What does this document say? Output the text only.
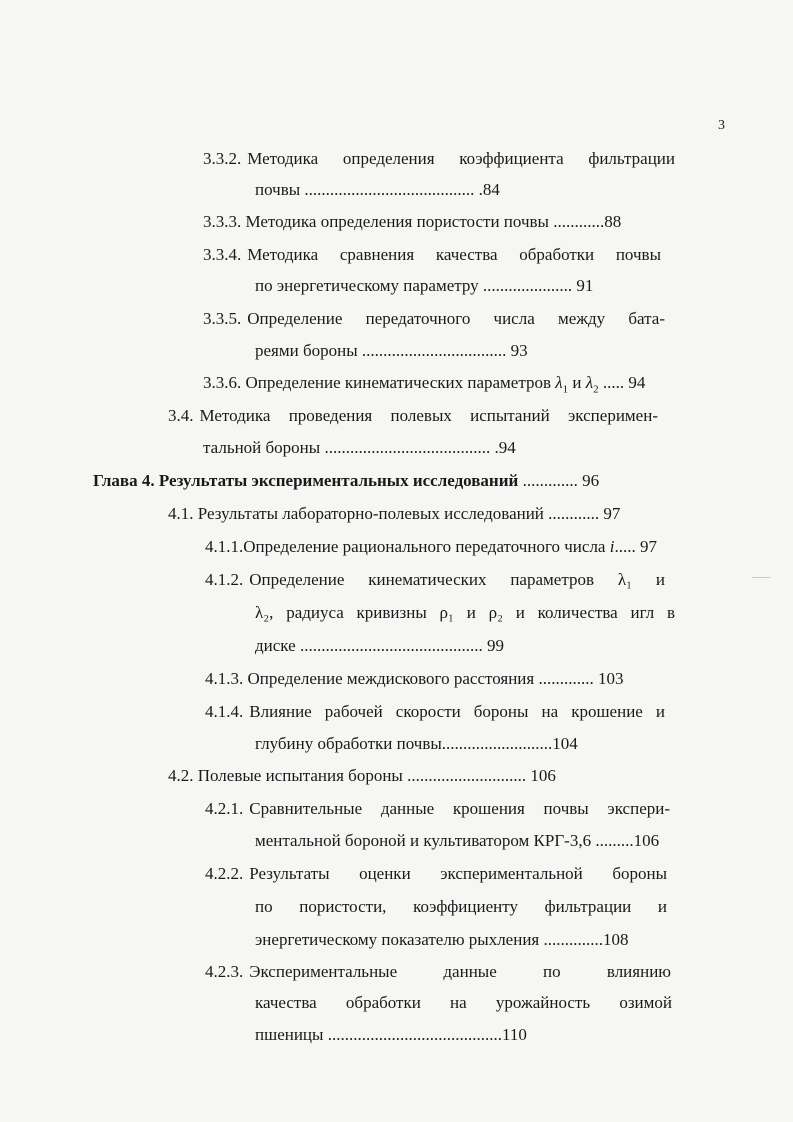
3
3.3.2. Методика определения коэффициента фильтрации
почвы ........................................ .84
3.3.3. Методика определения пористости почвы ............88
3.3.4. Методика сравнения качества обработки почвы
по энергетическому параметру ..................... 91
3.3.5. Определение передаточного числа между бата-
реями бороны .................................. 93
3.3.6. Определение кинематических параметров $\lambda_1$ и $\lambda_2$ ..... 94
3.4. Методика проведения полевых испытаний эксперимен-
тальной бороны ....................................... .94
Глава 4. Результаты экспериментальных исследований ............. 96
4.1. Результаты лабораторно-полевых исследований ............ 97
4.1.1.Определение рационального передаточного числа i..... 97
4.1.2. Определение кинематических параметров λ₁ и
λ₂, радиуса кривизны ρ₁ и ρ₂ и количества игл в
диске ........................................... 99
4.1.3. Определение междискового расстояния ............. 103
4.1.4. Влияние рабочей скорости бороны на крошение и
глубину обработки почвы..........................104
4.2. Полевые испытания бороны ............................ 106
4.2.1. Сравнительные данные крошения почвы экспери-
ментальной бороной и культиватором КРГ-3,6 .........106
4.2.2. Результаты оценки экспериментальной бороны
по пористости, коэффициенту фильтрации и
энергетическому показателю рыхления ..............108
4.2.3. Экспериментальные данные по влиянию
качества обработки на урожайность озимой
пшеницы .........................................110
